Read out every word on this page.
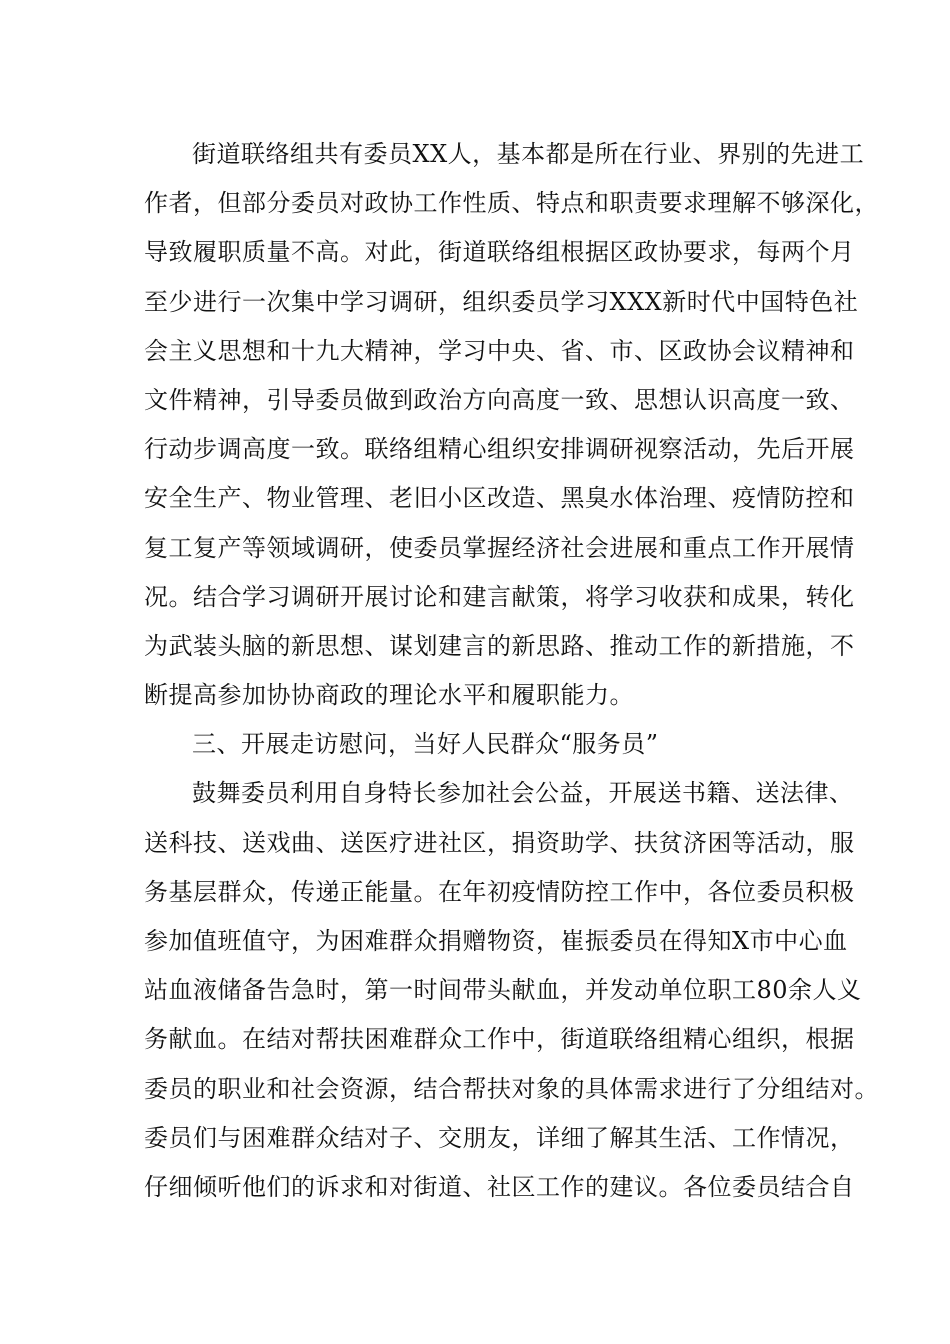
街道联络组共有委员XX人，基本都是所在行业、界别的先进工
作者，但部分委员对政协工作性质、特点和职责要求理解不够深化，
导致履职质量不高。对此，街道联络组根据区政协要求，每两个月
至少进行一次集中学习调研，组织委员学习XXX新时代中国特色社
会主义思想和十九大精神，学习中央、省、市、区政协会议精神和
文件精神，引导委员做到政治方向高度一致、思想认识高度一致、
行动步调高度一致。联络组精心组织安排调研视察活动，先后开展
安全生产、物业管理、老旧小区改造、黑臭水体治理、疫情防控和
复工复产等领域调研，使委员掌握经济社会进展和重点工作开展情
况。结合学习调研开展讨论和建言献策，将学习收获和成果，转化
为武装头脑的新思想、谋划建言的新思路、推动工作的新措施，不
断提高参加协协商政的理论水平和履职能力。
三、开展走访慰问，当好人民群众“服务员”
鼓舞委员利用自身特长参加社会公益，开展送书籍、送法律、
送科技、送戏曲、送医疗进社区，捐资助学、扶贫济困等活动，服
务基层群众，传递正能量。在年初疫情防控工作中，各位委员积极
参加值班值守，为困难群众捐赠物资，崔振委员在得知X市中心血
站血液储备告急时，第一时间带头献血，并发动单位职工80余人义
务献血。在结对帮扶困难群众工作中，街道联络组精心组织，根据
委员的职业和社会资源，结合帮扶对象的具体需求进行了分组结对。
委员们与困难群众结对子、交朋友，详细了解其生活、工作情况，
仔细倾听他们的诉求和对街道、社区工作的建议。各位委员结合自
